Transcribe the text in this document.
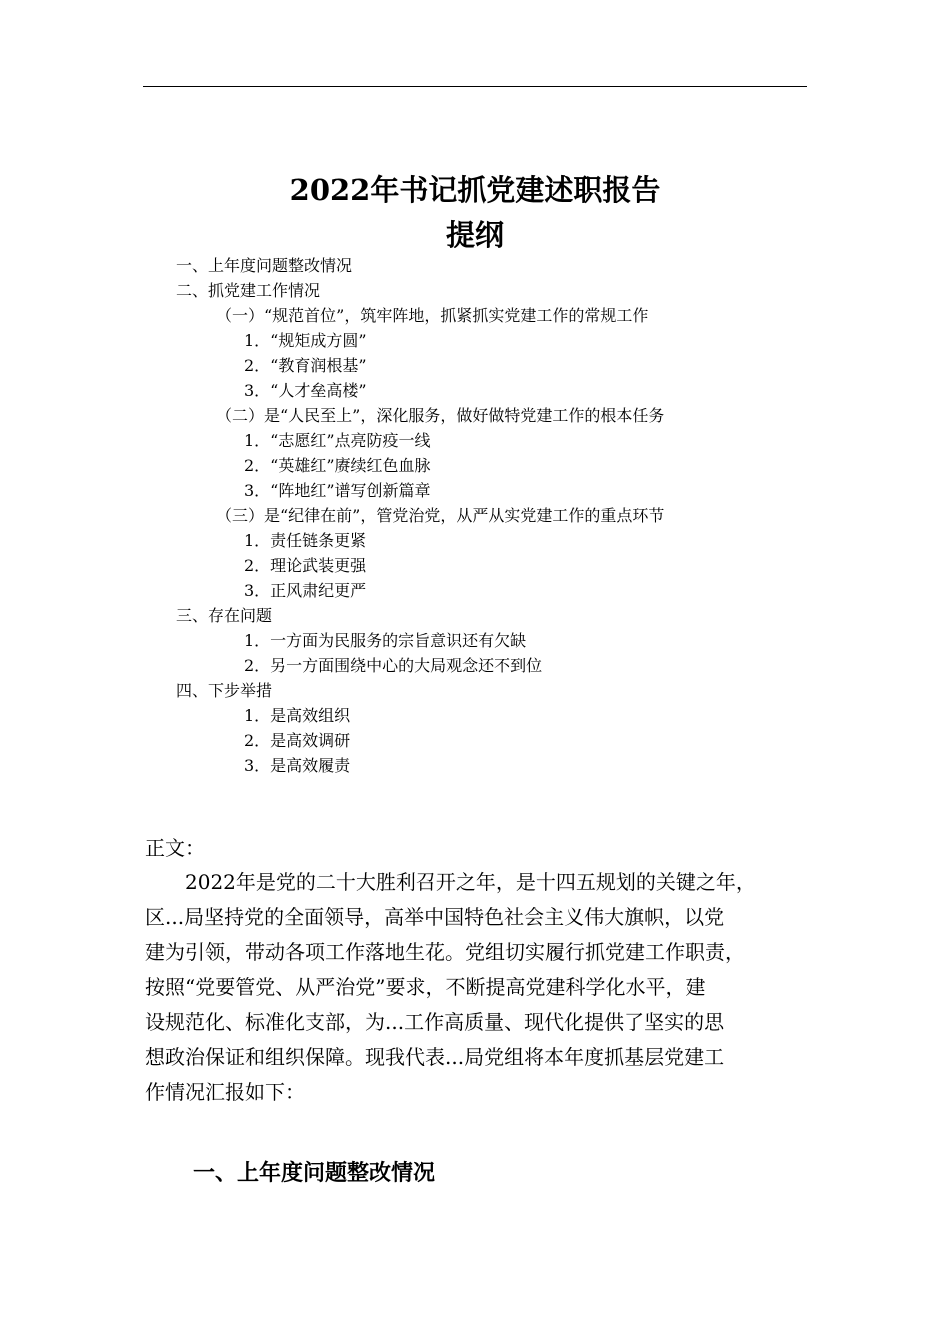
2022年书记抓党建述职报告
提纲
一、上年度问题整改情况
二、抓党建工作情况
（一）“规范首位”，筑牢阵地，抓紧抓实党建工作的常规工作
1．“规矩成方圆”
2．“教育润根基”
3．“人才垒高楼”
（二）是“人民至上”，深化服务，做好做特党建工作的根本任务
1．“志愿红”点亮防疫一线
2．“英雄红”赓续红色血脉
3．“阵地红”谱写创新篇章
（三）是“纪律在前”，管党治党，从严从实党建工作的重点环节
1．责任链条更紧
2．理论武装更强
3．正风肃纪更严
三、存在问题
1．一方面为民服务的宗旨意识还有欠缺
2．另一方面围绕中心的大局观念还不到位
四、下步举措
1．是高效组织
2．是高效调研
3．是高效履责
正文：
　　2022年是党的二十大胜利召开之年，是十四五规划的关键之年，
区...局坚持党的全面领导，高举中国特色社会主义伟大旗帜，以党
建为引领，带动各项工作落地生花。党组切实履行抓党建工作职责，
按照“党要管党、从严治党”要求，不断提高党建科学化水平，建
设规范化、标准化支部，为...工作高质量、现代化提供了坚实的思
想政治保证和组织保障。现我代表...局党组将本年度抓基层党建工
作情况汇报如下：
一、上年度问题整改情况
